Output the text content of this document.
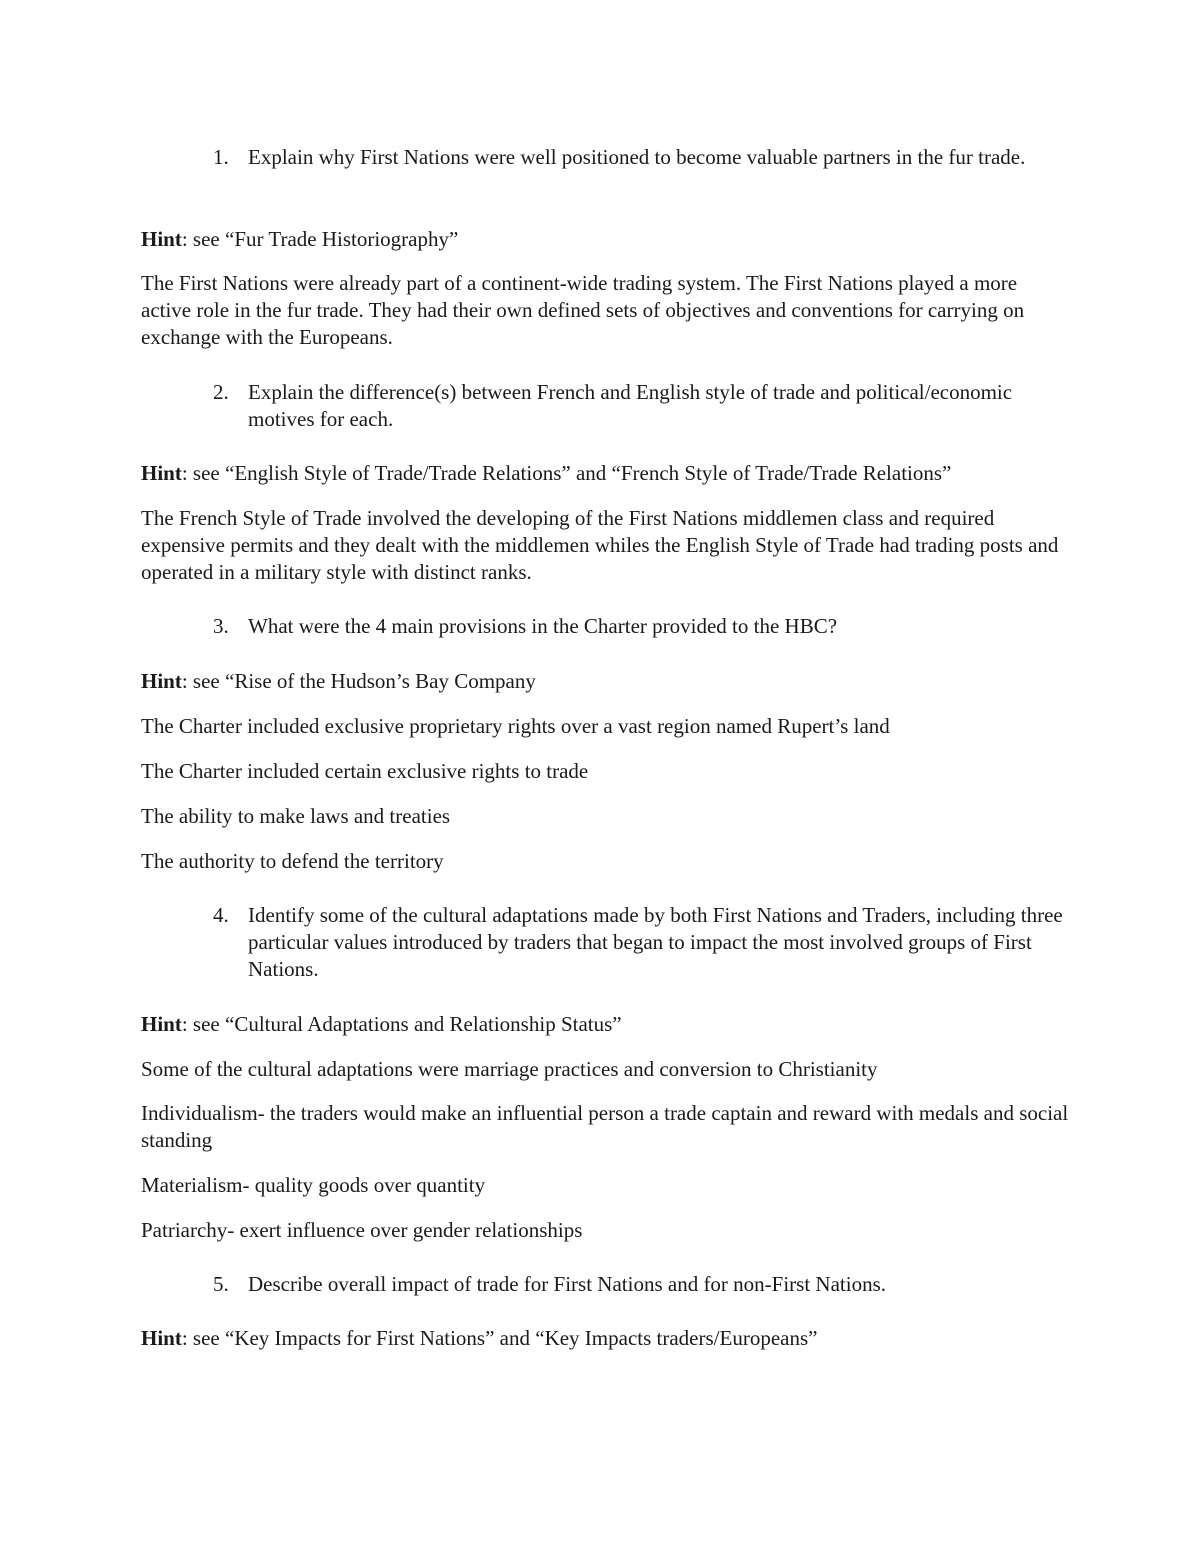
1. Explain why First Nations were well positioned to become valuable partners in the fur trade.

Hint: see “Fur Trade Historiography”

The First Nations were already part of a continent-wide trading system. The First Nations played a more active role in the fur trade. They had their own defined sets of objectives and conventions for carrying on exchange with the Europeans.

2. Explain the difference(s) between French and English style of trade and political/economic motives for each.

Hint: see “English Style of Trade/Trade Relations” and “French Style of Trade/Trade Relations”

The French Style of Trade involved the developing of the First Nations middlemen class and required expensive permits and they dealt with the middlemen whiles the English Style of Trade had trading posts and operated in a military style with distinct ranks.

3. What were the 4 main provisions in the Charter provided to the HBC?

Hint: see “Rise of the Hudson’s Bay Company

The Charter included exclusive proprietary rights over a vast region named Rupert’s land

The Charter included certain exclusive rights to trade

The ability to make laws and treaties

The authority to defend the territory

4. Identify some of the cultural adaptations made by both First Nations and Traders, including three particular values introduced by traders that began to impact the most involved groups of First Nations.

Hint: see “Cultural Adaptations and Relationship Status”

Some of the cultural adaptations were marriage practices and conversion to Christianity

Individualism- the traders would make an influential person a trade captain and reward with medals and social standing

Materialism- quality goods over quantity

Patriarchy- exert influence over gender relationships

5. Describe overall impact of trade for First Nations and for non-First Nations.

Hint: see “Key Impacts for First Nations” and “Key Impacts traders/Europeans”
